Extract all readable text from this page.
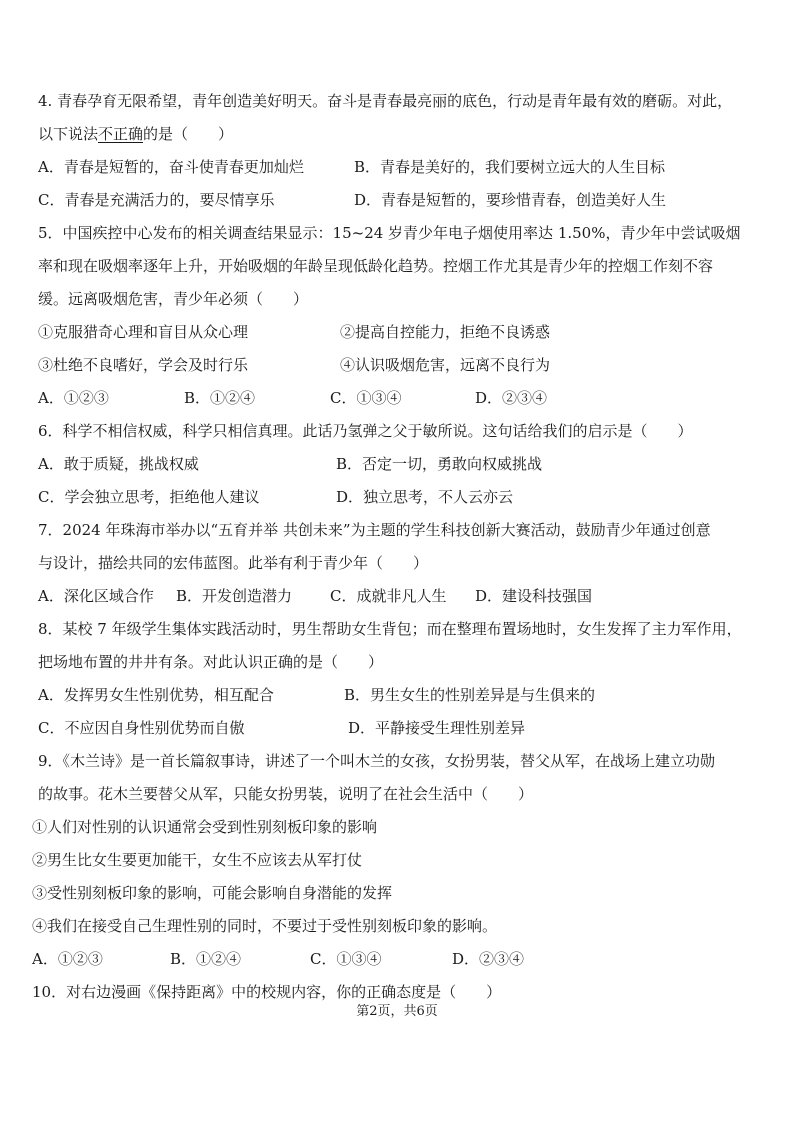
4. 青春孕育无限希望，青年创造美好明天。奋斗是青春最亮丽的底色，行动是青年最有效的磨砺。对此，
以下说法不正确的是（　　）
A．青春是短暂的，奋斗使青春更加灿烂	B．青春是美好的，我们要树立远大的人生目标
C．青春是充满活力的，要尽情享乐	D．青春是短暂的，要珍惜青春，创造美好人生
5．中国疾控中心发布的相关调查结果显示：15~24 岁青少年电子烟使用率达 1.50%，青少年中尝试吸烟
率和现在吸烟率逐年上升，开始吸烟的年龄呈现低龄化趋势。控烟工作尤其是青少年的控烟工作刻不容
缓。远离吸烟危害，青少年必须（　　）
①克服猎奇心理和盲目从众心理	②提高自控能力，拒绝不良诱惑
③杜绝不良嗜好，学会及时行乐	④认识吸烟危害，远离不良行为
A．①②③	B．①②④	C．①③④	D．②③④
6．科学不相信权威，科学只相信真理。此话乃氢弹之父于敏所说。这句话给我们的启示是（　　）
A．敢于质疑，挑战权威	B．否定一切，勇敢向权威挑战
C．学会独立思考，拒绝他人建议	D．独立思考，不人云亦云
7．2024 年珠海市举办以“五育并举 共创未来”为主题的学生科技创新大赛活动，鼓励青少年通过创意
与设计，描绘共同的宏伟蓝图。此举有利于青少年（　　）
A．深化区域合作 B．开发创造潜力	C．成就非凡人生 D．建设科技强国
8．某校 7 年级学生集体实践活动时，男生帮助女生背包；而在整理布置场地时，女生发挥了主力军作用，
把场地布置的井井有条。对此认识正确的是（　　）
A．发挥男女生性别优势，相互配合	B．男生女生的性别差异是与生俱来的
C．不应因自身性别优势而自傲	D．平静接受生理性别差异
9．《木兰诗》是一首长篇叙事诗，讲述了一个叫木兰的女孩，女扮男装，替父从军，在战场上建立功勋
的故事。花木兰要替父从军，只能女扮男装，说明了在社会生活中（　　）
①人们对性别的认识通常会受到性别刻板印象的影响
②男生比女生要更加能干，女生不应该去从军打仗
③受性别刻板印象的影响，可能会影响自身潜能的发挥
④我们在接受自己生理性别的同时，不要过于受性别刻板印象的影响。
A．①②③	B．①②④	C．①③④	D．②③④
10．对右边漫画《保持距离》中的校规内容，你的正确态度是（　　）
第2页，共6页
